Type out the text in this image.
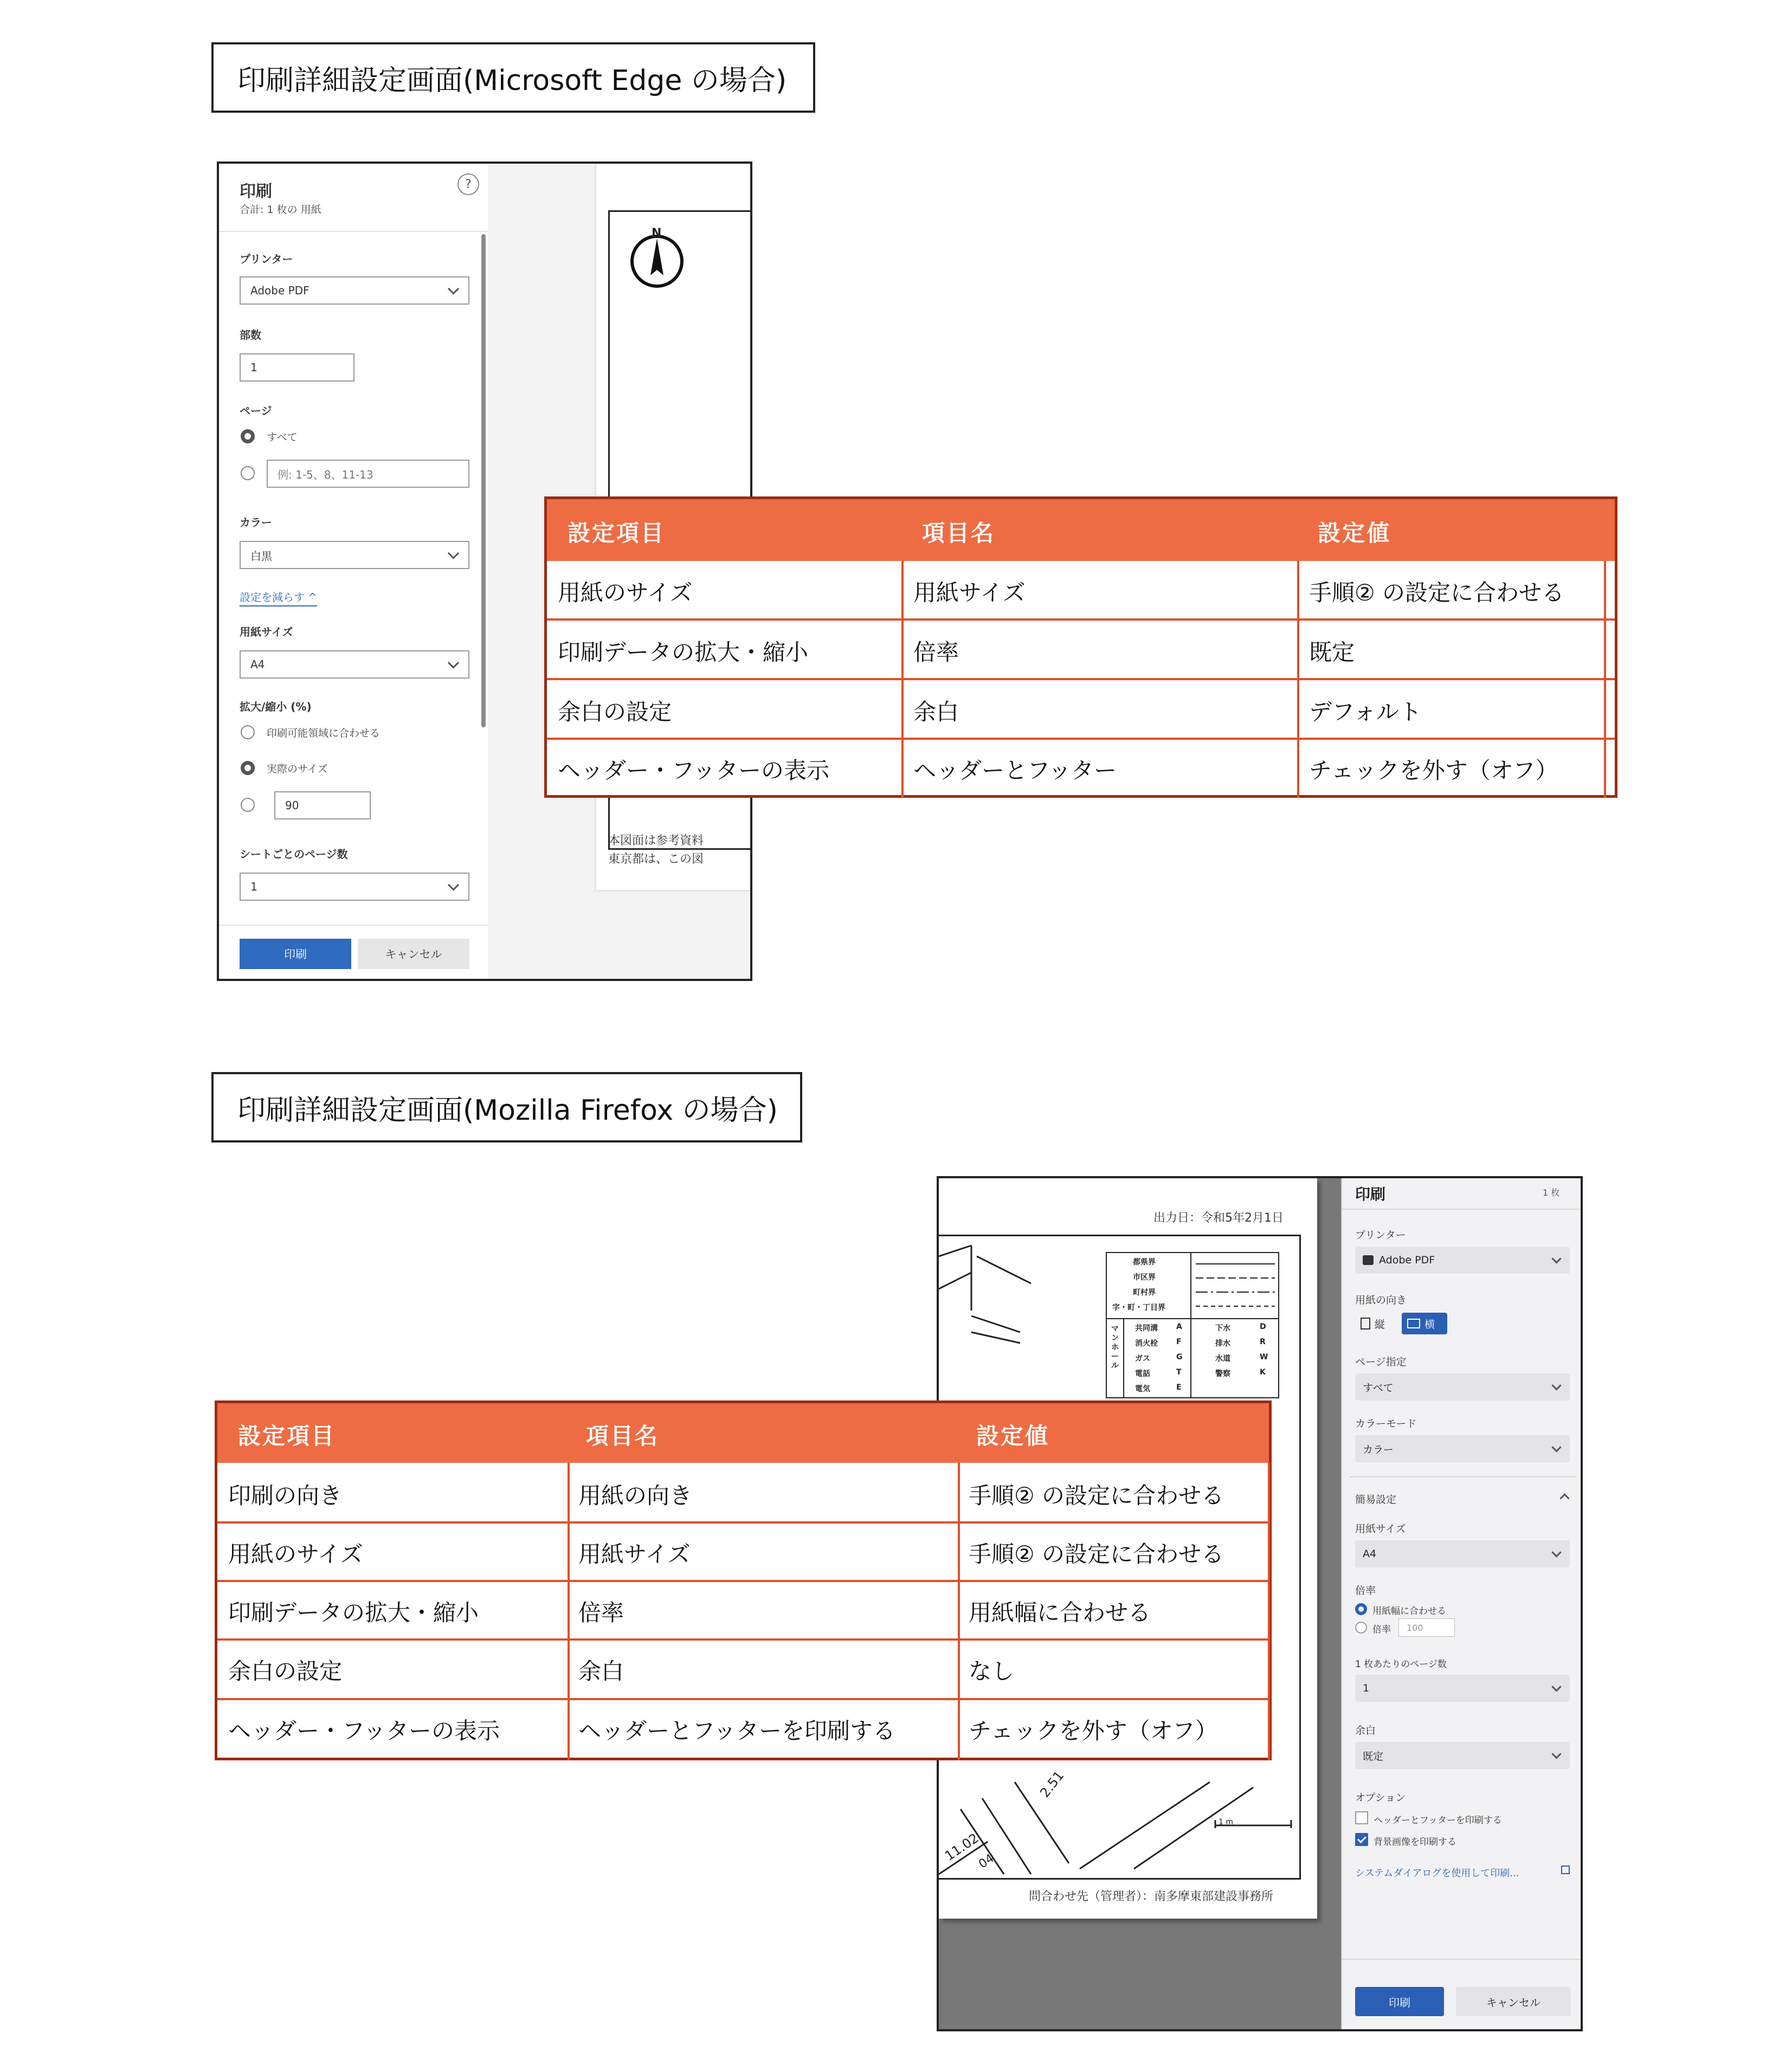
印刷詳細設定画面(Microsoft Edge の場合)
N
本図面は参考資料
東京都は、この図
印刷
合計: 1 枚の 用紙
?
プリンター
Adobe PDF
部数
1
ページ
すべて
例: 1-5、8、11-13
カラー
白黒
設定を減らす ^
用紙サイズ
A4
拡大/縮小 (%)
印刷可能領域に合わせる
実際のサイズ
90
シートごとのページ数
1
印刷	キャンセル
設定項目	項目名	設定値
用紙のサイズ	用紙サイズ	手順② の設定に合わせる
印刷データの拡大・縮小	倍率	既定
余白の設定	余白	デフォルト
ヘッダー・フッターの表示	ヘッダーとフッター	チェックを外す（オフ）
印刷詳細設定画面(Mozilla Firefox の場合)
出力日：令和5年2月1日
都県界
市区界
町村界
字・町・丁目界
マンホール
共同溝 A
消火栓 F
ガス	G
電話	T
電気	E
下水	D
排水	R
水道	W
警察	K
2.51
11.02
04
1 m
問合わせ先（管理者）：南多摩東部建設事務所
印刷	1 枚
プリンター
Adobe PDF
用紙の向き
縦	横
ページ指定
すべて
カラーモード
カラー
簡易設定
用紙サイズ
A4
倍率
用紙幅に合わせる
倍率 100
1 枚あたりのページ数
1
余白
既定
オプション
ヘッダーとフッターを印刷する
背景画像を印刷する
システムダイアログを使用して印刷...
印刷	キャンセル
設定項目	項目名	設定値
印刷の向き	用紙の向き	手順② の設定に合わせる
用紙のサイズ	用紙サイズ	手順② の設定に合わせる
印刷データの拡大・縮小	倍率	用紙幅に合わせる
余白の設定	余白	なし
ヘッダー・フッターの表示	ヘッダーとフッターを印刷する	チェックを外す（オフ）
